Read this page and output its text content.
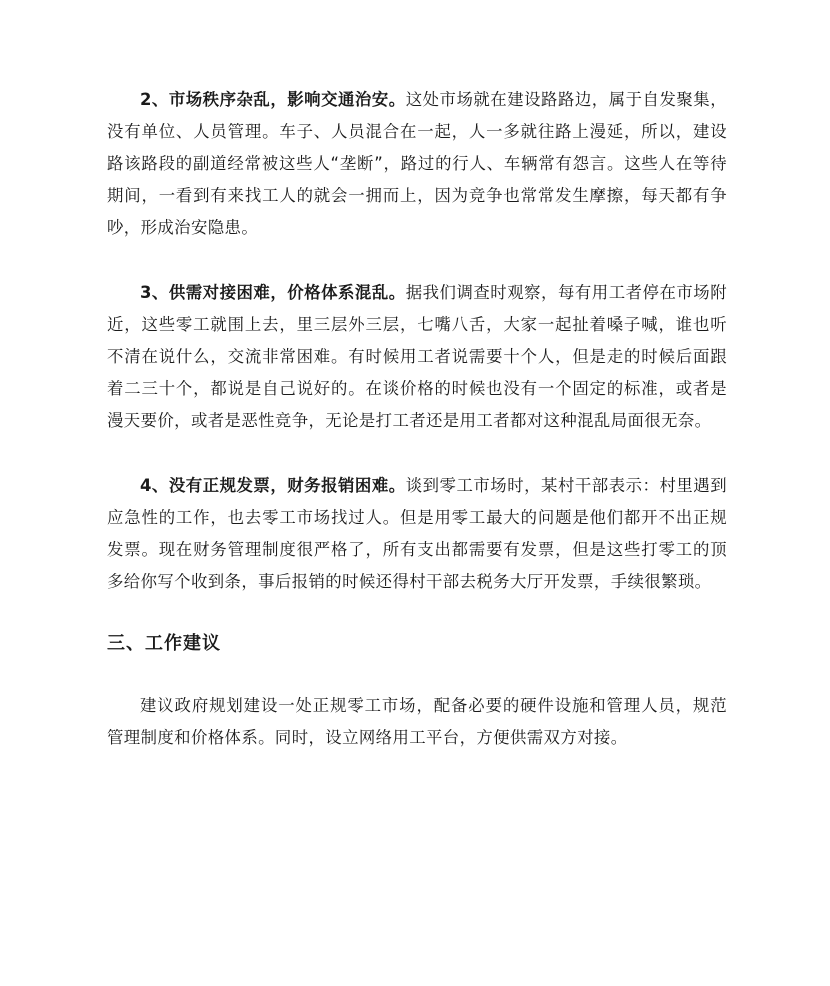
2、市场秩序杂乱，影响交通治安。这处市场就在建设路路边，属于自发聚集，没有单位、人员管理。车子、人员混合在一起，人一多就往路上漫延，所以，建设路该路段的副道经常被这些人“垄断”，路过的行人、车辆常有怨言。这些人在等待期间，一看到有来找工人的就会一拥而上，因为竞争也常常发生摩擦，每天都有争吵，形成治安隐患。

3、供需对接困难，价格体系混乱。据我们调查时观察，每有用工者停在市场附近，这些零工就围上去，里三层外三层，七嘴八舌，大家一起扯着嗓子喊，谁也听不清在说什么，交流非常困难。有时候用工者说需要十个人，但是走的时候后面跟着二三十个，都说是自己说好的。在谈价格的时候也没有一个固定的标准，或者是漫天要价，或者是恶性竞争，无论是打工者还是用工者都对这种混乱局面很无奈。

4、没有正规发票，财务报销困难。谈到零工市场时，某村干部表示：村里遇到应急性的工作，也去零工市场找过人。但是用零工最大的问题是他们都开不出正规发票。现在财务管理制度很严格了，所有支出都需要有发票，但是这些打零工的顶多给你写个收到条，事后报销的时候还得村干部去税务大厅开发票，手续很繁琐。

三、工作建议

建议政府规划建设一处正规零工市场，配备必要的硬件设施和管理人员，规范管理制度和价格体系。同时，设立网络用工平台，方便供需双方对接。
